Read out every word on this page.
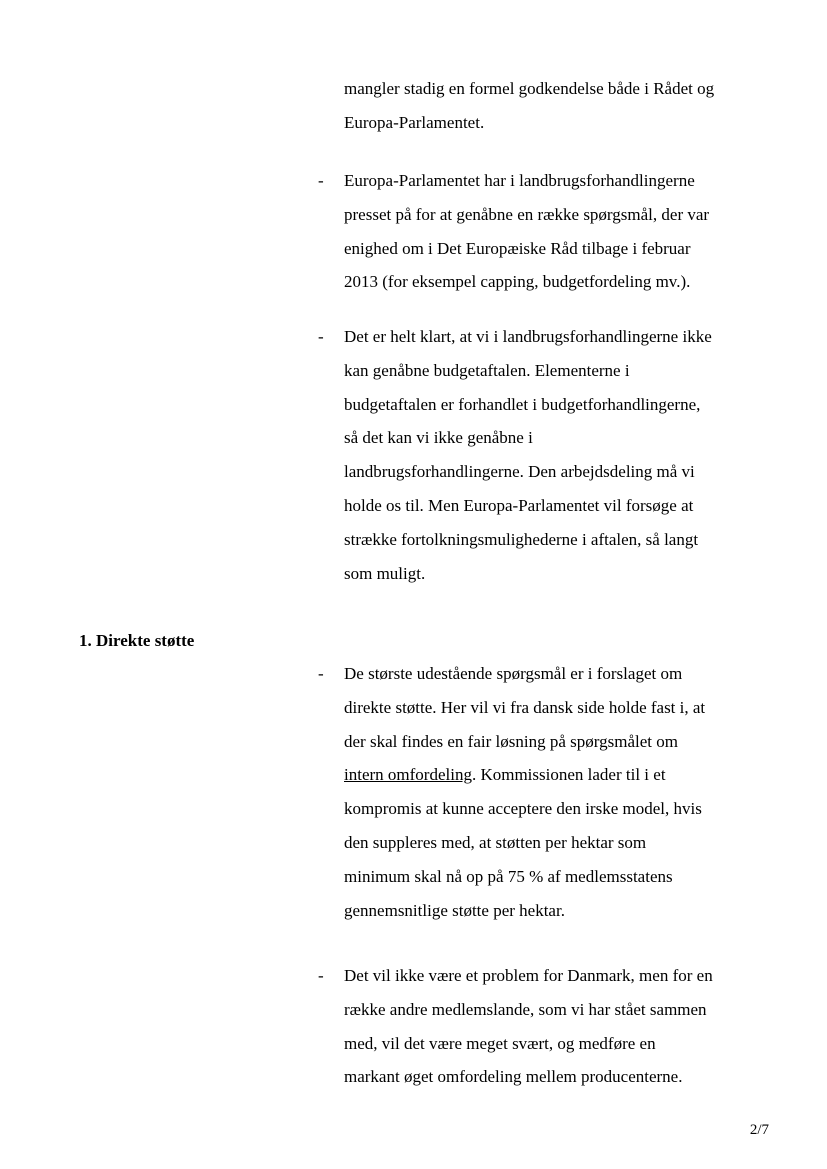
mangler stadig en formel godkendelse både i Rådet og
Europa-Parlamentet.

- Europa-Parlamentet har i landbrugsforhandlingerne
presset på for at genåbne en række spørgsmål, der var
enighed om i Det Europæiske Råd tilbage i februar
2013 (for eksempel capping, budgetfordeling mv.).

- Det er helt klart, at vi i landbrugsforhandlingerne ikke
kan genåbne budgetaftalen. Elementerne i
budgetaftalen er forhandlet i budgetforhandlingerne,
så det kan vi ikke genåbne i
landbrugsforhandlingerne. Den arbejdsdeling må vi
holde os til. Men Europa-Parlamentet vil forsøge at
strække fortolkningsmulighederne i aftalen, så langt
som muligt.

1. Direkte støtte
- De største udestående spørgsmål er i forslaget om
direkte støtte. Her vil vi fra dansk side holde fast i, at
der skal findes en fair løsning på spørgsmålet om
intern omfordeling. Kommissionen lader til i et
kompromis at kunne acceptere den irske model, hvis
den suppleres med, at støtten per hektar som
minimum skal nå op på 75 % af medlemsstatens
gennemsnitlige støtte per hektar.

- Det vil ikke være et problem for Danmark, men for en
række andre medlemslande, som vi har stået sammen
med, vil det være meget svært, og medføre en
markant øget omfordeling mellem producenterne.

2/7
